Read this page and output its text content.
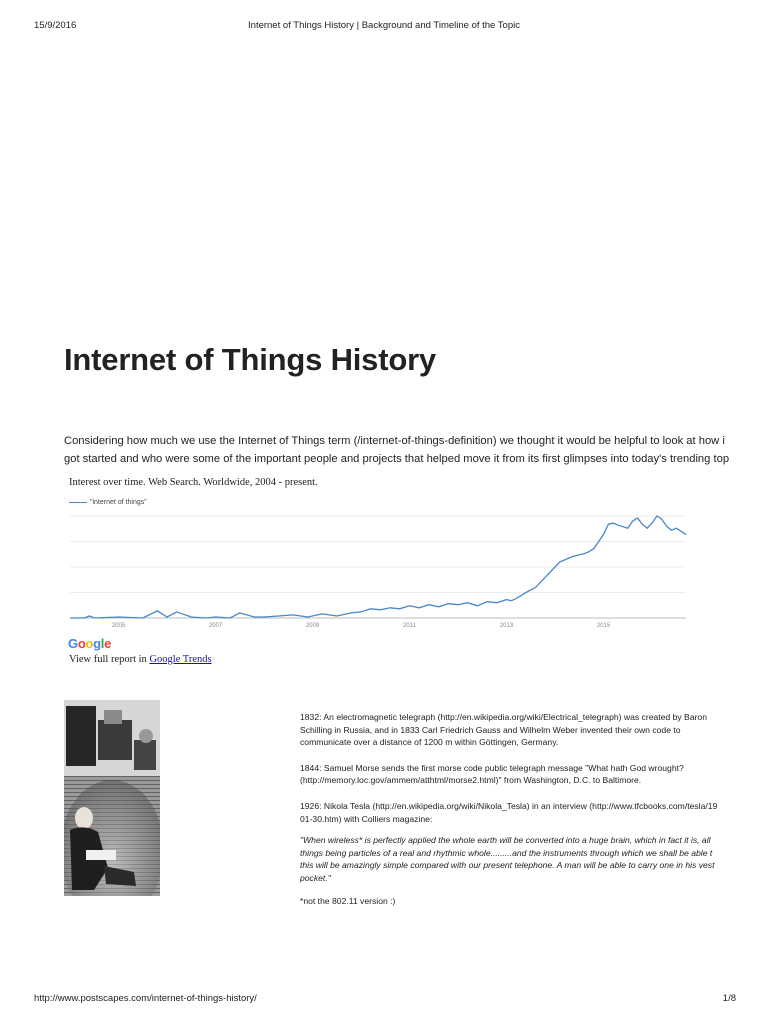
15/9/2016	Internet of Things History | Background and Timeline of the Topic
Internet of Things History

Considering how much we use the Internet of Things term (/internet-of-things-definition) we thought it would be helpful to look at how i

got started and who were some of the important people and projects that helped move it from its first glimpses into today's trending top

Interest over time. Web Search. Worldwide, 2004 - present.
"internet of things"
2005	2007	2009	2011	2013	2015
Google
View full report in Google Trends

1832: An electromagnetic telegraph (http://en.wikipedia.org/wiki/Electrical_telegraph) was created by Baron

Schilling in Russia, and in 1833 Carl Friedrich Gauss and Wilhelm Weber invented their own code to

communicate over a distance of 1200 m within Göttingen, Germany.

1844: Samuel Morse sends the first morse code public telegraph message "What hath God wrought?

(http://memory.loc.gov/ammem/atthtml/morse2.html)" from Washington, D.C. to Baltimore.

1926: Nikola Tesla (http://en.wikipedia.org/wiki/Nikola_Tesla) in an interview (http://www.tfcbooks.com/tesla/19

01-30.htm) with Colliers magazine:

"When wireless* is perfectly applied the whole earth will be converted into a huge brain, which in fact it is, all

things being particles of a real and rhythmic whole.........and the instruments through which we shall be able t

this will be amazingly simple compared with our present telephone. A man will be able to carry one in his vest

pocket."

*not the 802.11 version :)

http://www.postscapes.com/internet-of-things-history/	1/8
